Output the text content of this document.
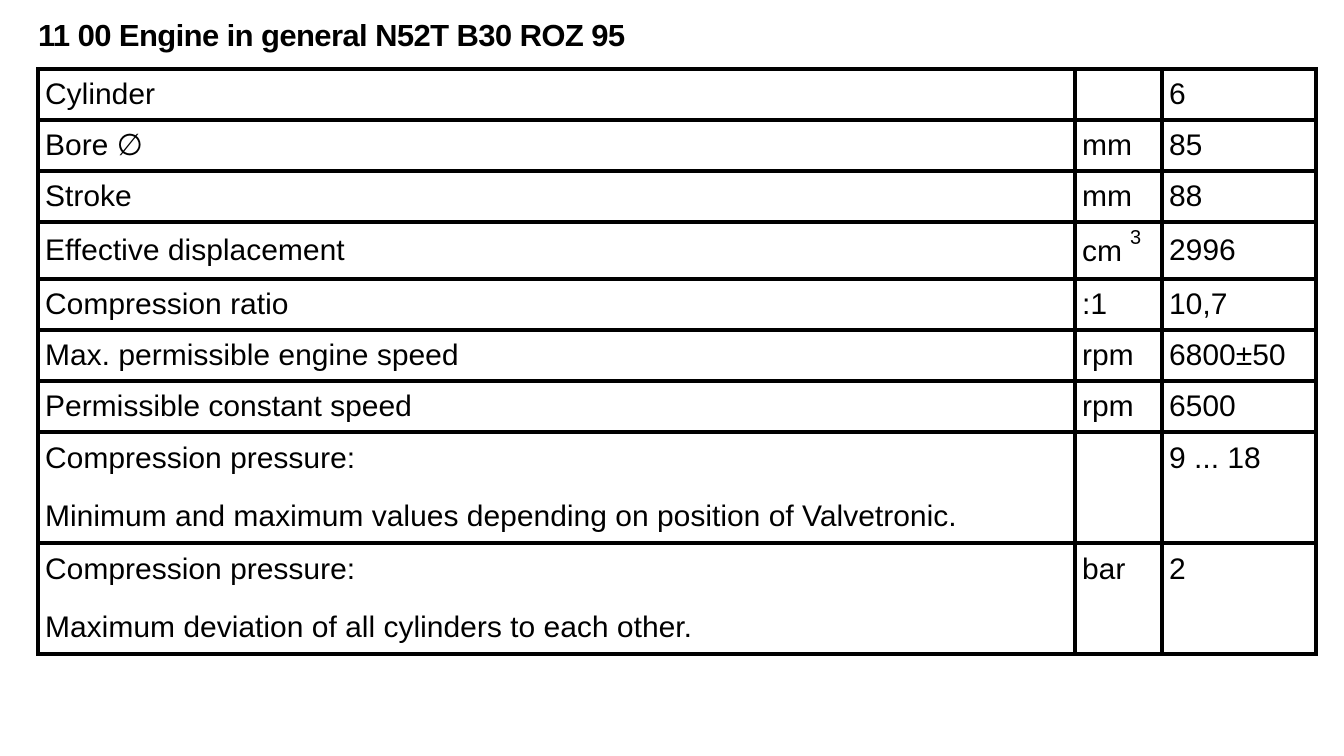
11 00 Engine in general N52T B30 ROZ 95
Cylinder		6
Bore ∅	mm	85
Stroke	mm	88
Effective displacement	cm $^3$	2996
Compression ratio	:1	10,7
Max. permissible engine speed	rpm	6800±50
Permissible constant speed	rpm	6500

Compression pressure:
Minimum and maximum values depending on position of Valvetronic.		9 ... 18

Compression pressure:
Maximum deviation of all cylinders to each other.	bar	2
